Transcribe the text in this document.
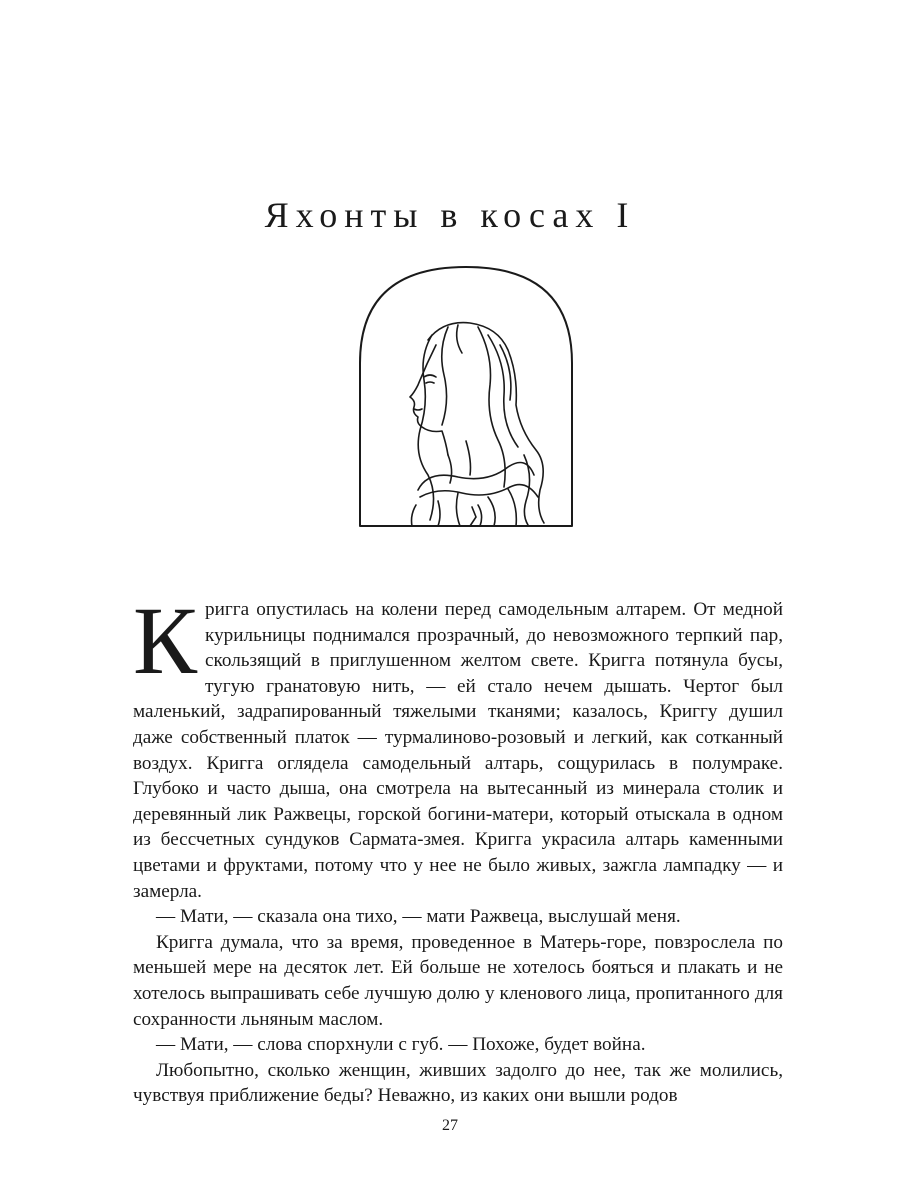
Яхонты в косах I

Кригга опустилась на колени перед самодельным алтарем. От медной курильницы поднимался прозрачный, до невозможного терпкий пар, скользящий в приглушенном желтом свете. Кригга потянула бусы, тугую гранатовую нить, — ей стало нечем дышать. Чертог был маленький, задрапированный тяжелыми тканями; казалось, Криггу душил даже собственный платок — турмалиново-розовый и легкий, как сотканный воздух. Кригга оглядела самодельный алтарь, сощурилась в полумраке. Глубоко и часто дыша, она смотрела на вытесанный из минерала столик и деревянный лик Ражвецы, горской богини-матери, который отыскала в одном из бессчетных сундуков Сармата-змея. Кригга украсила алтарь каменными цветами и фруктами, потому что у нее не было живых, зажгла лампадку — и замерла.

— Мати, — сказала она тихо, — мати Ражвеца, выслушай меня.

Кригга думала, что за время, проведенное в Матерь-горе, повзрослела по меньшей мере на десяток лет. Ей больше не хотелось бояться и плакать и не хотелось выпрашивать себе лучшую долю у кленового лица, пропитанного для сохранности льняным маслом.

— Мати, — слова спорхнули с губ. — Похоже, будет война.

Любопытно, сколько женщин, живших задолго до нее, так же молились, чувствуя приближение беды? Неважно, из каких они вышли родов

27
